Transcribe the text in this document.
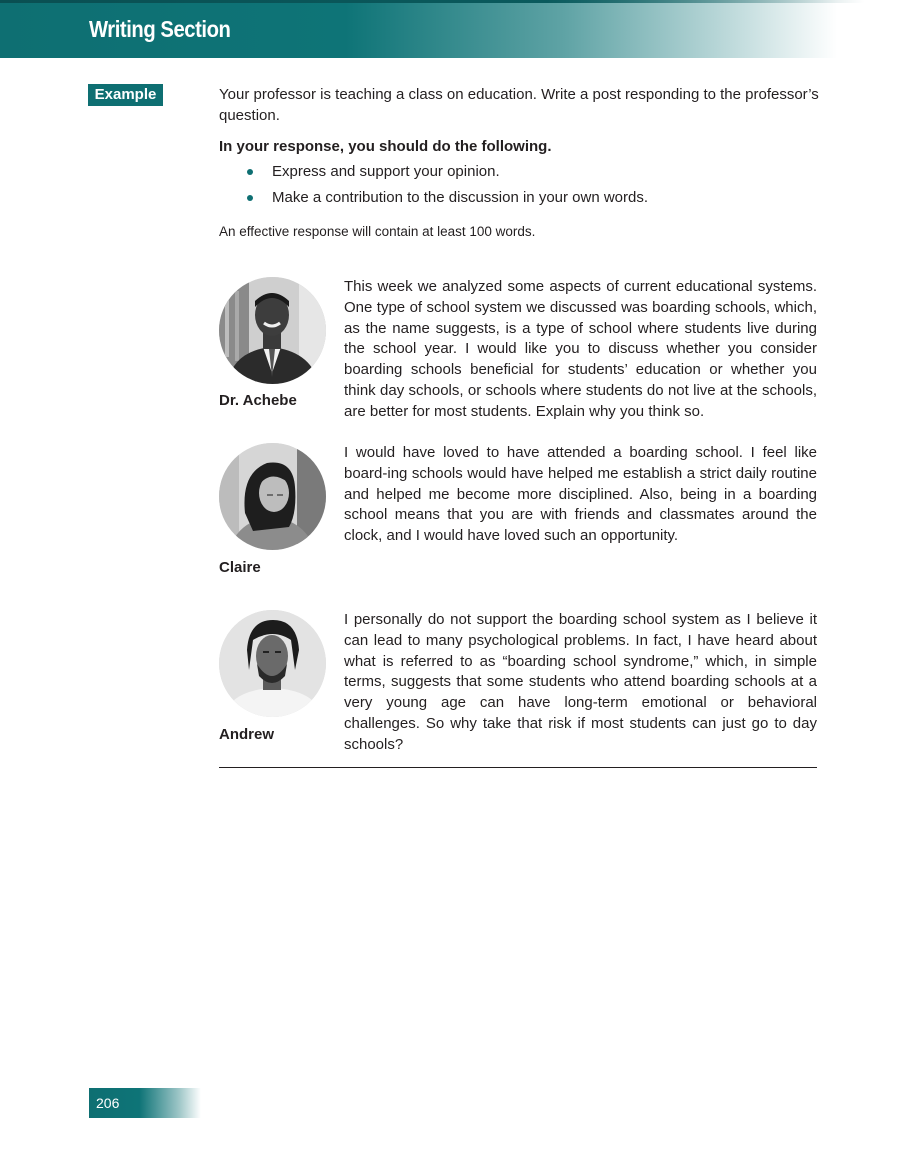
Writing Section
Example	Your professor is teaching a class on education. Write a post responding to the professor’s question.

In your response, you should do the following.

Express and support your opinion.
Make a contribution to the discussion in your own words.

An effective response will contain at least 100 words.

Dr. Achebe

This week we analyzed some aspects of current educational systems. One type of school system we discussed was boarding schools, which, as the name suggests, is a type of school where students live during the school year. I would like you to discuss whether you consider boarding schools beneficial for students’ education or whether you think day schools, or schools where students do not live at the schools, are better for most students. Explain why you think so.

Claire

I would have loved to have attended a boarding school. I feel like board-ing schools would have helped me establish a strict daily routine and helped me become more disciplined. Also, being in a boarding school means that you are with friends and classmates around the clock, and I would have loved such an opportunity.

Andrew

I personally do not support the boarding school system as I believe it can lead to many psychological problems. In fact, I have heard about what is referred to as “boarding school syndrome,” which, in simple terms, suggests that some students who attend boarding schools at a very young age can have long-term emotional or behavioral challenges. So why take that risk if most students can just go to day schools?

206
